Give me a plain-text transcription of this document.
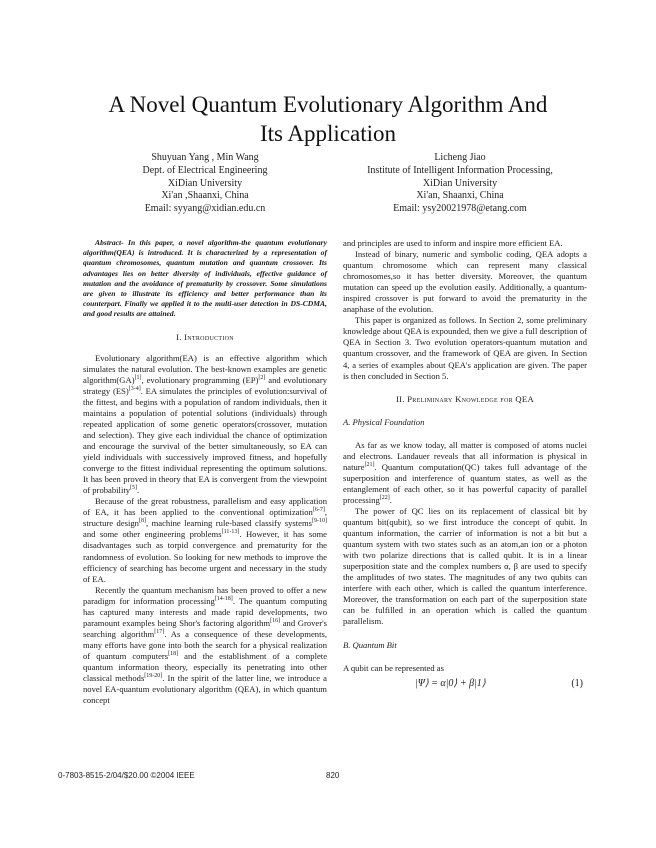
A Novel Quantum Evolutionary Algorithm And
Its Application
Shuyuan Yang , Min Wang
Dept. of Electrical Engineering
XiDian University
Xi'an ,Shaanxi, China
Email: syyang@xidian.edu.cn
Licheng Jiao
Institute of Intelligent Information Processing,
XiDian University
Xi'an, Shaanxi, China
Email: ysy20021978@etang.com

Abstract- In this paper, a novel algorithm-the quantum evolutionary algorithm(QEA) is introduced. It is characterized by a representation of quantum chromosomes, quantum mutation and quantum crossover. Its advantages lies on better diversity of individuals, effective guidance of mutation and the avoidance of prematurity by crossover. Some simulations are given to illustrate its efficiency and better performance than its counterpart. Finally we applied it to the multi-user detection in DS-CDMA, and good results are attained.

I. Introduction

Evolutionary algorithm(EA) is an effective algorithm which simulates the natural evolution. The best-known examples are genetic algorithm(GA)[1], evolutionary programming (EP)[2] and evolutionary strategy (ES)[3-4]. EA simulates the principles of evolution:survival of the fittest, and begins with a population of random individuals, then it maintains a population of potential solutions (individuals) through repeated application of some genetic operators(crossover, mutation and selection). They give each individual the chance of optimization and encourage the survival of the better simultaneously, so EA can yield individuals with successively improved fitness, and hopefully converge to the fittest individual representing the optimum solutions. It has been proved in theory that EA is convergent from the viewpoint of probability[5].

Because of the great robustness, parallelism and easy application of EA, it has been applied to the conventional optimization[6-7], structure design[8], machine learning rule-based classify systems[9-10] and some other engineering problems[11-13]. However, it has some disadvantages such as torpid convergence and prematurity for the randomness of evolution. So looking for new methods to improve the efficiency of searching has become urgent and necessary in the study of EA.

Recently the quantum mechanism has been proved to offer a new paradigm for information processing[14-18]. The quantum computing has captured many interests and made rapid developments, two paramount examples being Shor's factoring algorithm[16] and Grover's searching algorithm[17]. As a consequence of these developments, many efforts have gone into both the search for a physical realization of quantum computers[18] and the establishment of a complete quantum information theory, especially its penetrating into other classical methods[19-20]. In the spirit of the latter line, we introduce a novel EA-quantum evolutionary algorithm (QEA), in which quantum concept

and principles are used to inform and inspire more efficient EA.

Instead of binary, numeric and symbolic coding, QEA adopts a quantum chromosome which can represent many classical chromosomes,so it has better diversity. Moreover, the quantum mutation can speed up the evolution easily. Additionally, a quantum-inspired crossover is put forward to avoid the prematurity in the anaphase of the evolution.

This paper is organized as follows. In Section 2, some preliminary knowledge about QEA is expounded, then we give a full description of QEA in Section 3. Two evolution operators-quantum mutation and quantum crossover, and the framework of QEA are given. In Section 4, a series of examples about QEA's application are given. The paper is then concluded in Section 5.

II. Preliminary Knowledge for QEA

A. Physical Foundation

As far as we know today, all matter is composed of atoms nuclei and electrons. Landauer reveals that all information is physical in nature[21]. Quantum computation(QC) takes full advantage of the superposition and interference of quantum states, as well as the entanglement of each other, so it has powerful capacity of parallel processing[22].

The power of QC lies on its replacement of classical bit by quantum bit(qubit), so we first introduce the concept of qubit. In quantum information, the carrier of information is not a bit but a quantum system with two states such as an atom,an ion or a photon with two polarize directions that is called qubit. It is in a linear superposition state and the complex numbers α, β are used to specify the amplitudes of two states. The magnitudes of any two qubits can interfere with each other, which is called the quantum interference. Moreover, the transformation on each part of the superposition state can be fulfilled in an operation which is called the quantum parallelism.

B. Quantum Bit

A qubit can be represented as

|Ψ⟩ = α|0⟩ + β|1⟩	(1)
0-7803-8515-2/04/$20.00 ©2004 IEEE	820
